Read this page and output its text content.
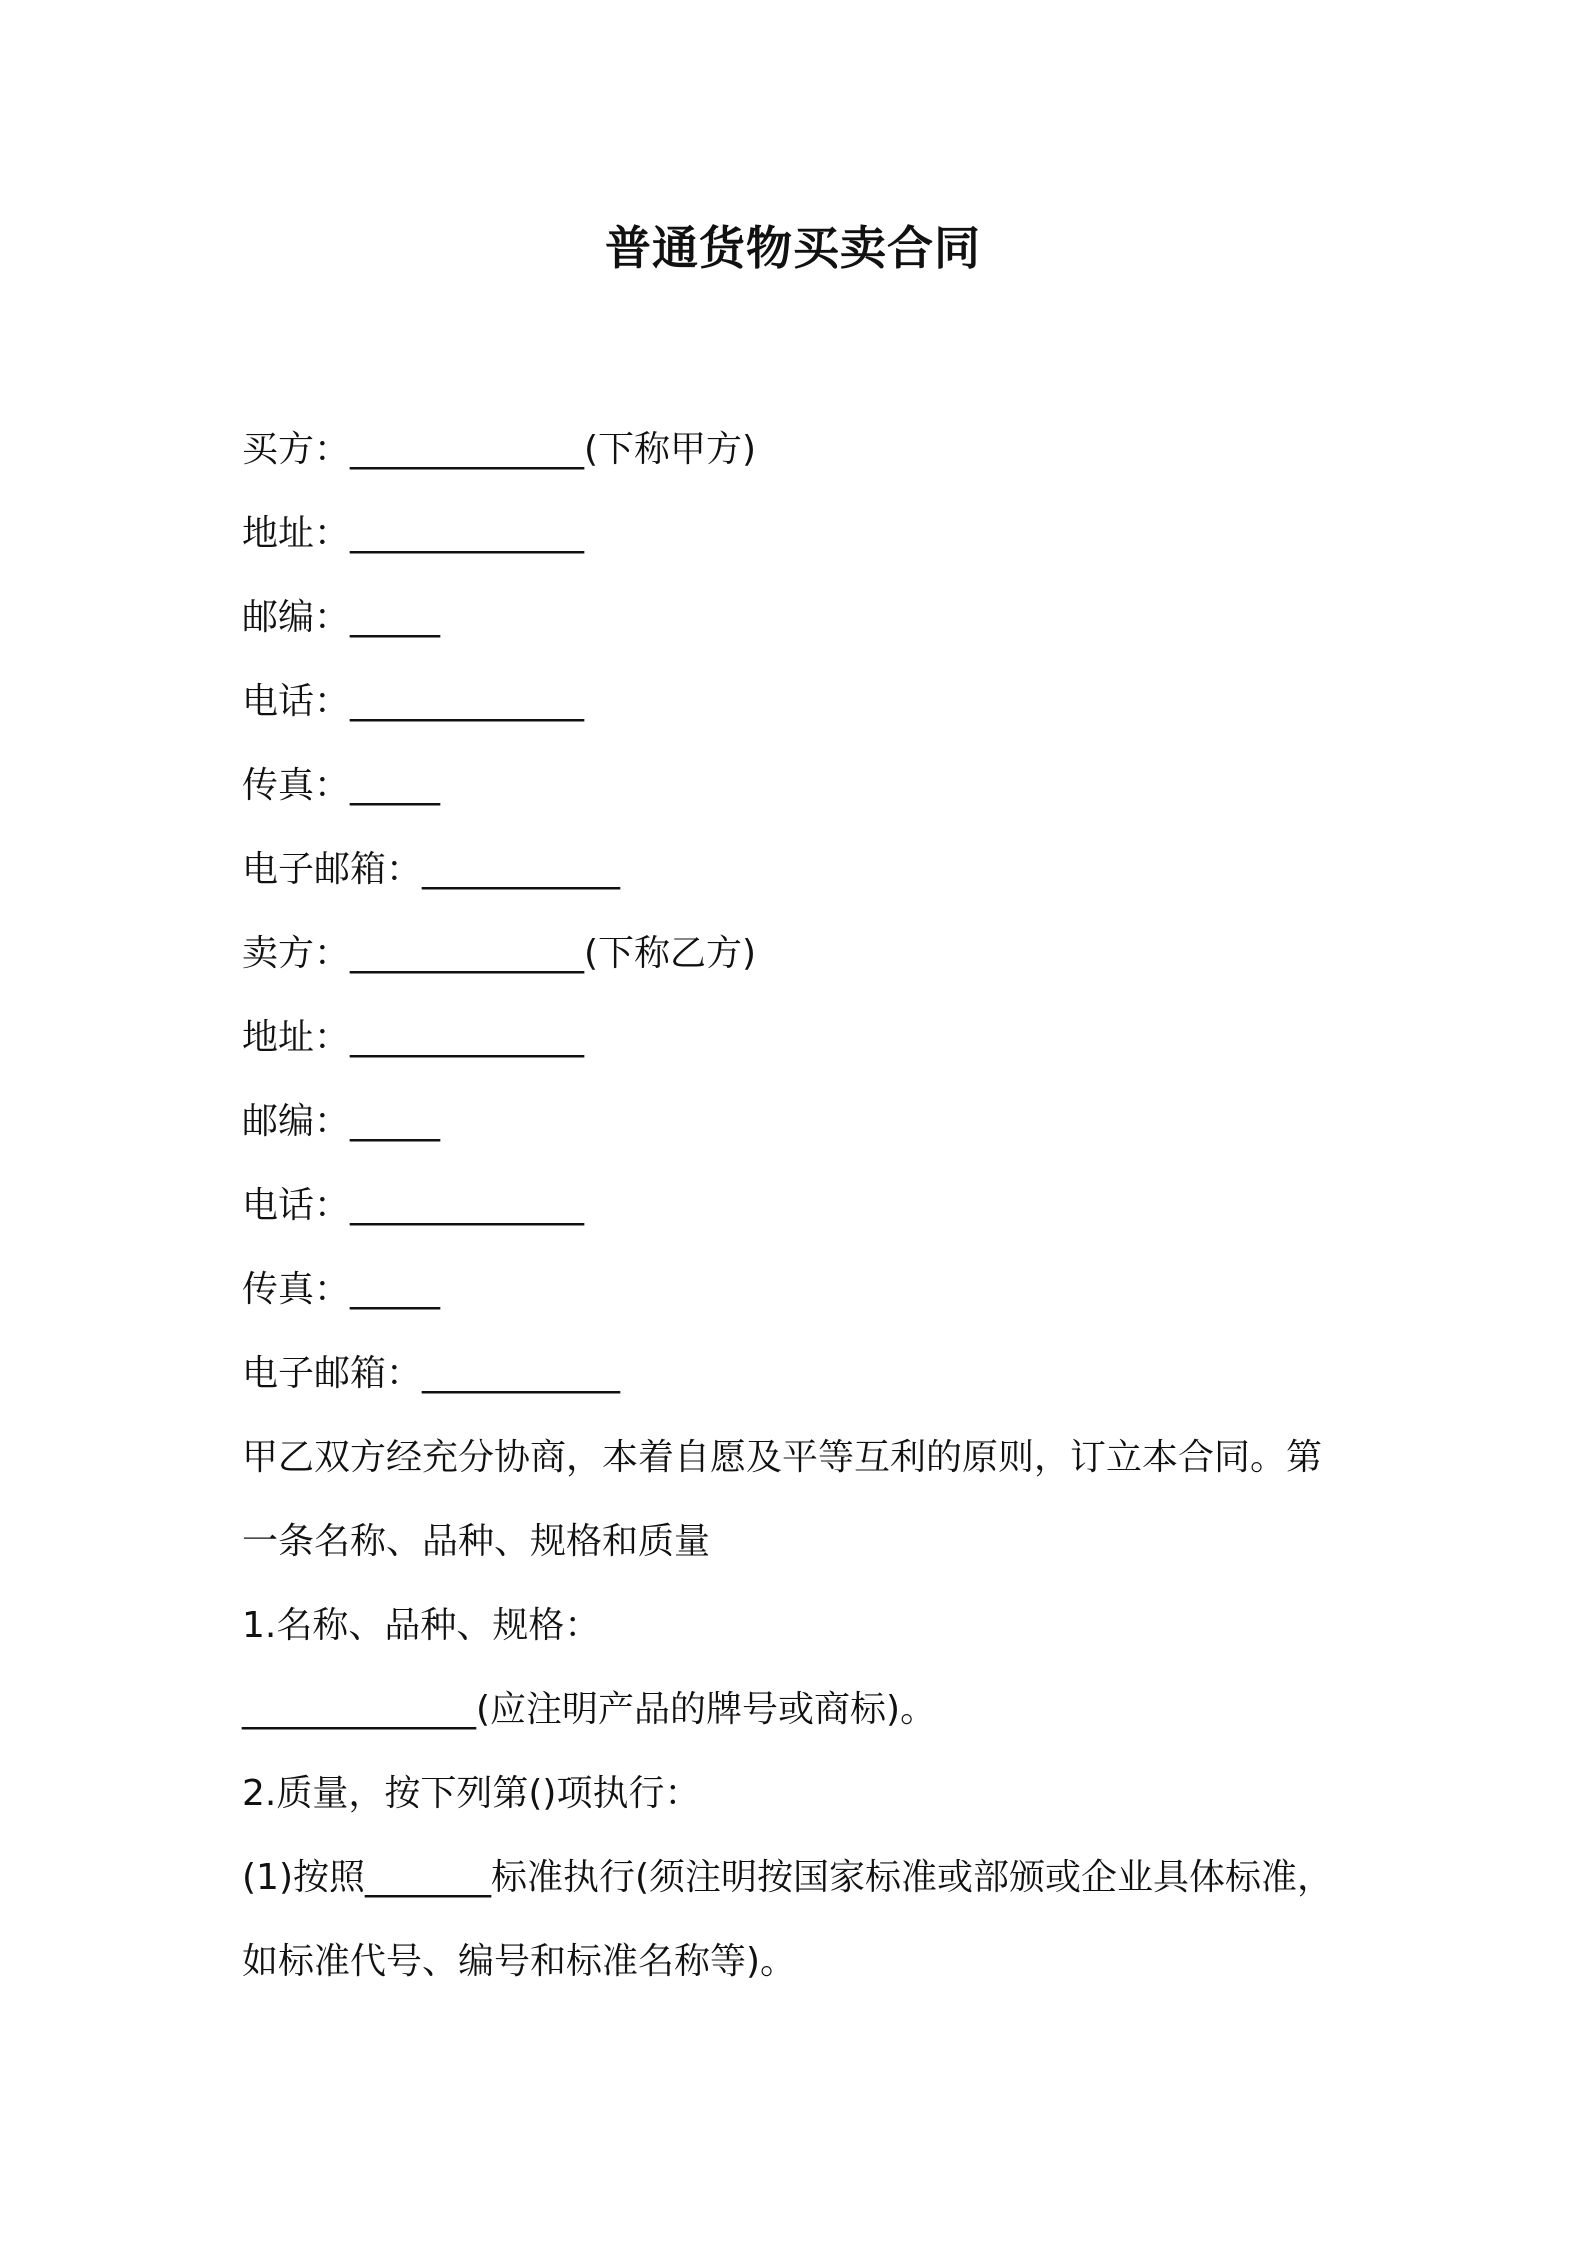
普通货物买卖合同

买方：_____________(下称甲方)

地址：_____________

邮编：_____

电话：_____________

传真：_____

电子邮箱：___________

卖方：_____________(下称乙方)

地址：_____________

邮编：_____

电话：_____________

传真：_____

电子邮箱：___________

甲乙双方经充分协商，本着自愿及平等互利的原则，订立本合同。第

一条名称、品种、规格和质量

1.名称、品种、规格：

_____________(应注明产品的牌号或商标)。

2.质量，按下列第()项执行：

(1)按照_______标准执行(须注明按国家标准或部颁或企业具体标准，

如标准代号、编号和标准名称等)。
